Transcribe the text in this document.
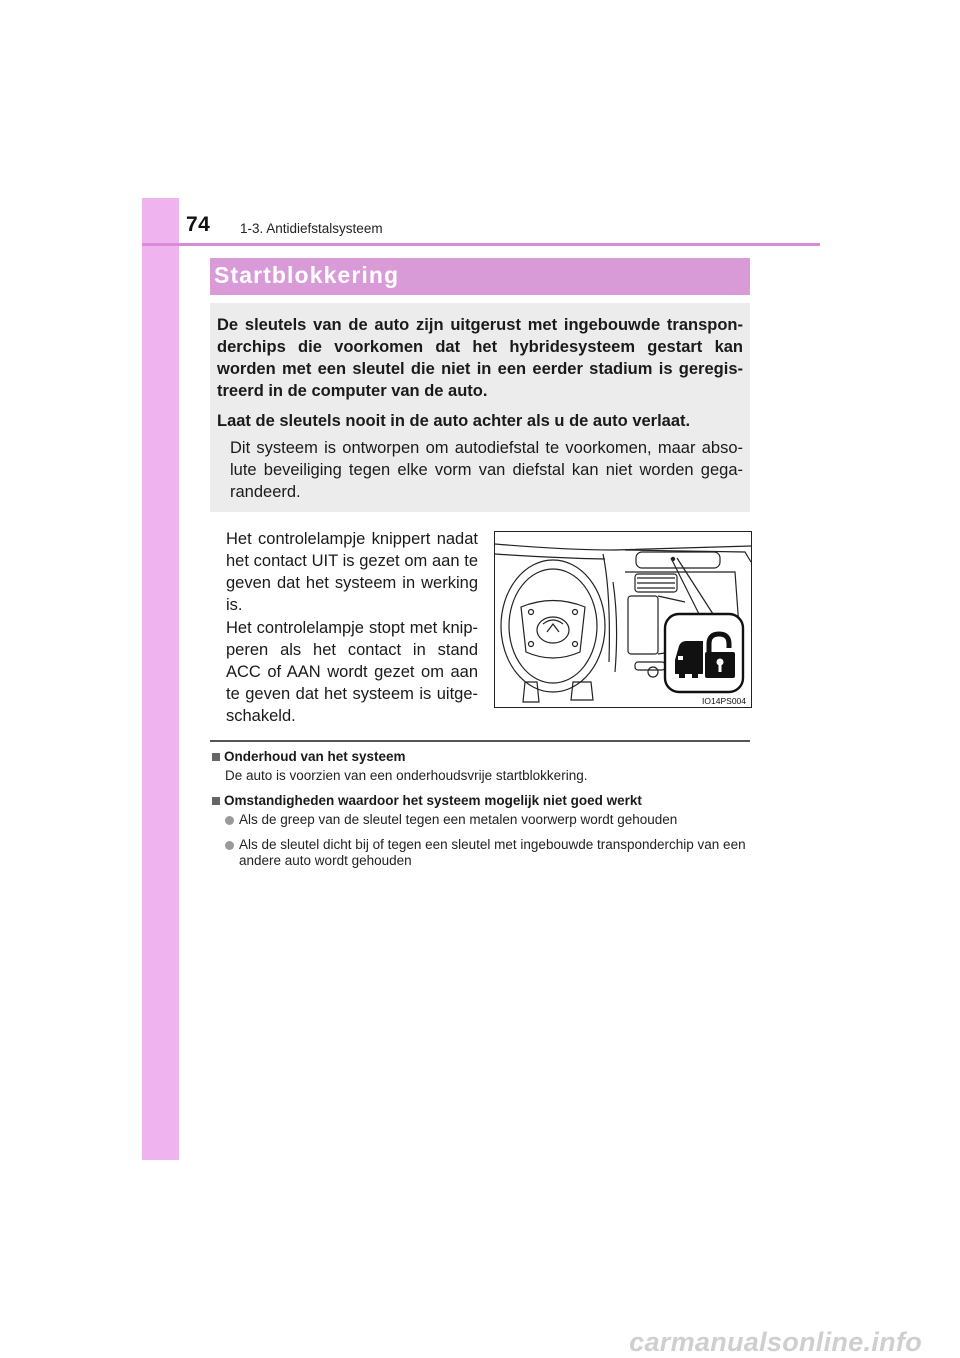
74 1-3. Antidiefstalsysteem
Startblokkering

De sleutels van de auto zijn uitgerust met ingebouwde transpon-derchips die voorkomen dat het hybridesysteem gestart kan worden met een sleutel die niet in een eerder stadium is geregis-treerd in de computer van de auto.

Laat de sleutels nooit in de auto achter als u de auto verlaat.

Dit systeem is ontworpen om autodiefstal te voorkomen, maar abso-lute beveiliging tegen elke vorm van diefstal kan niet worden gega-randeerd.

Het controlelampje knippert nadat het contact UIT is gezet om aan te geven dat het systeem in werking is.

Het controlelampje stopt met knip-peren als het contact in stand ACC of AAN wordt gezet om aan te geven dat het systeem is uitge-schakeld.

IO14PS004

Onderhoud van het systeem

De auto is voorzien van een onderhoudsvrije startblokkering.

Omstandigheden waardoor het systeem mogelijk niet goed werkt

Als de greep van de sleutel tegen een metalen voorwerp wordt gehouden

Als de sleutel dicht bij of tegen een sleutel met ingebouwde transponderchip van een andere auto wordt gehouden

carmanualsonline.info
